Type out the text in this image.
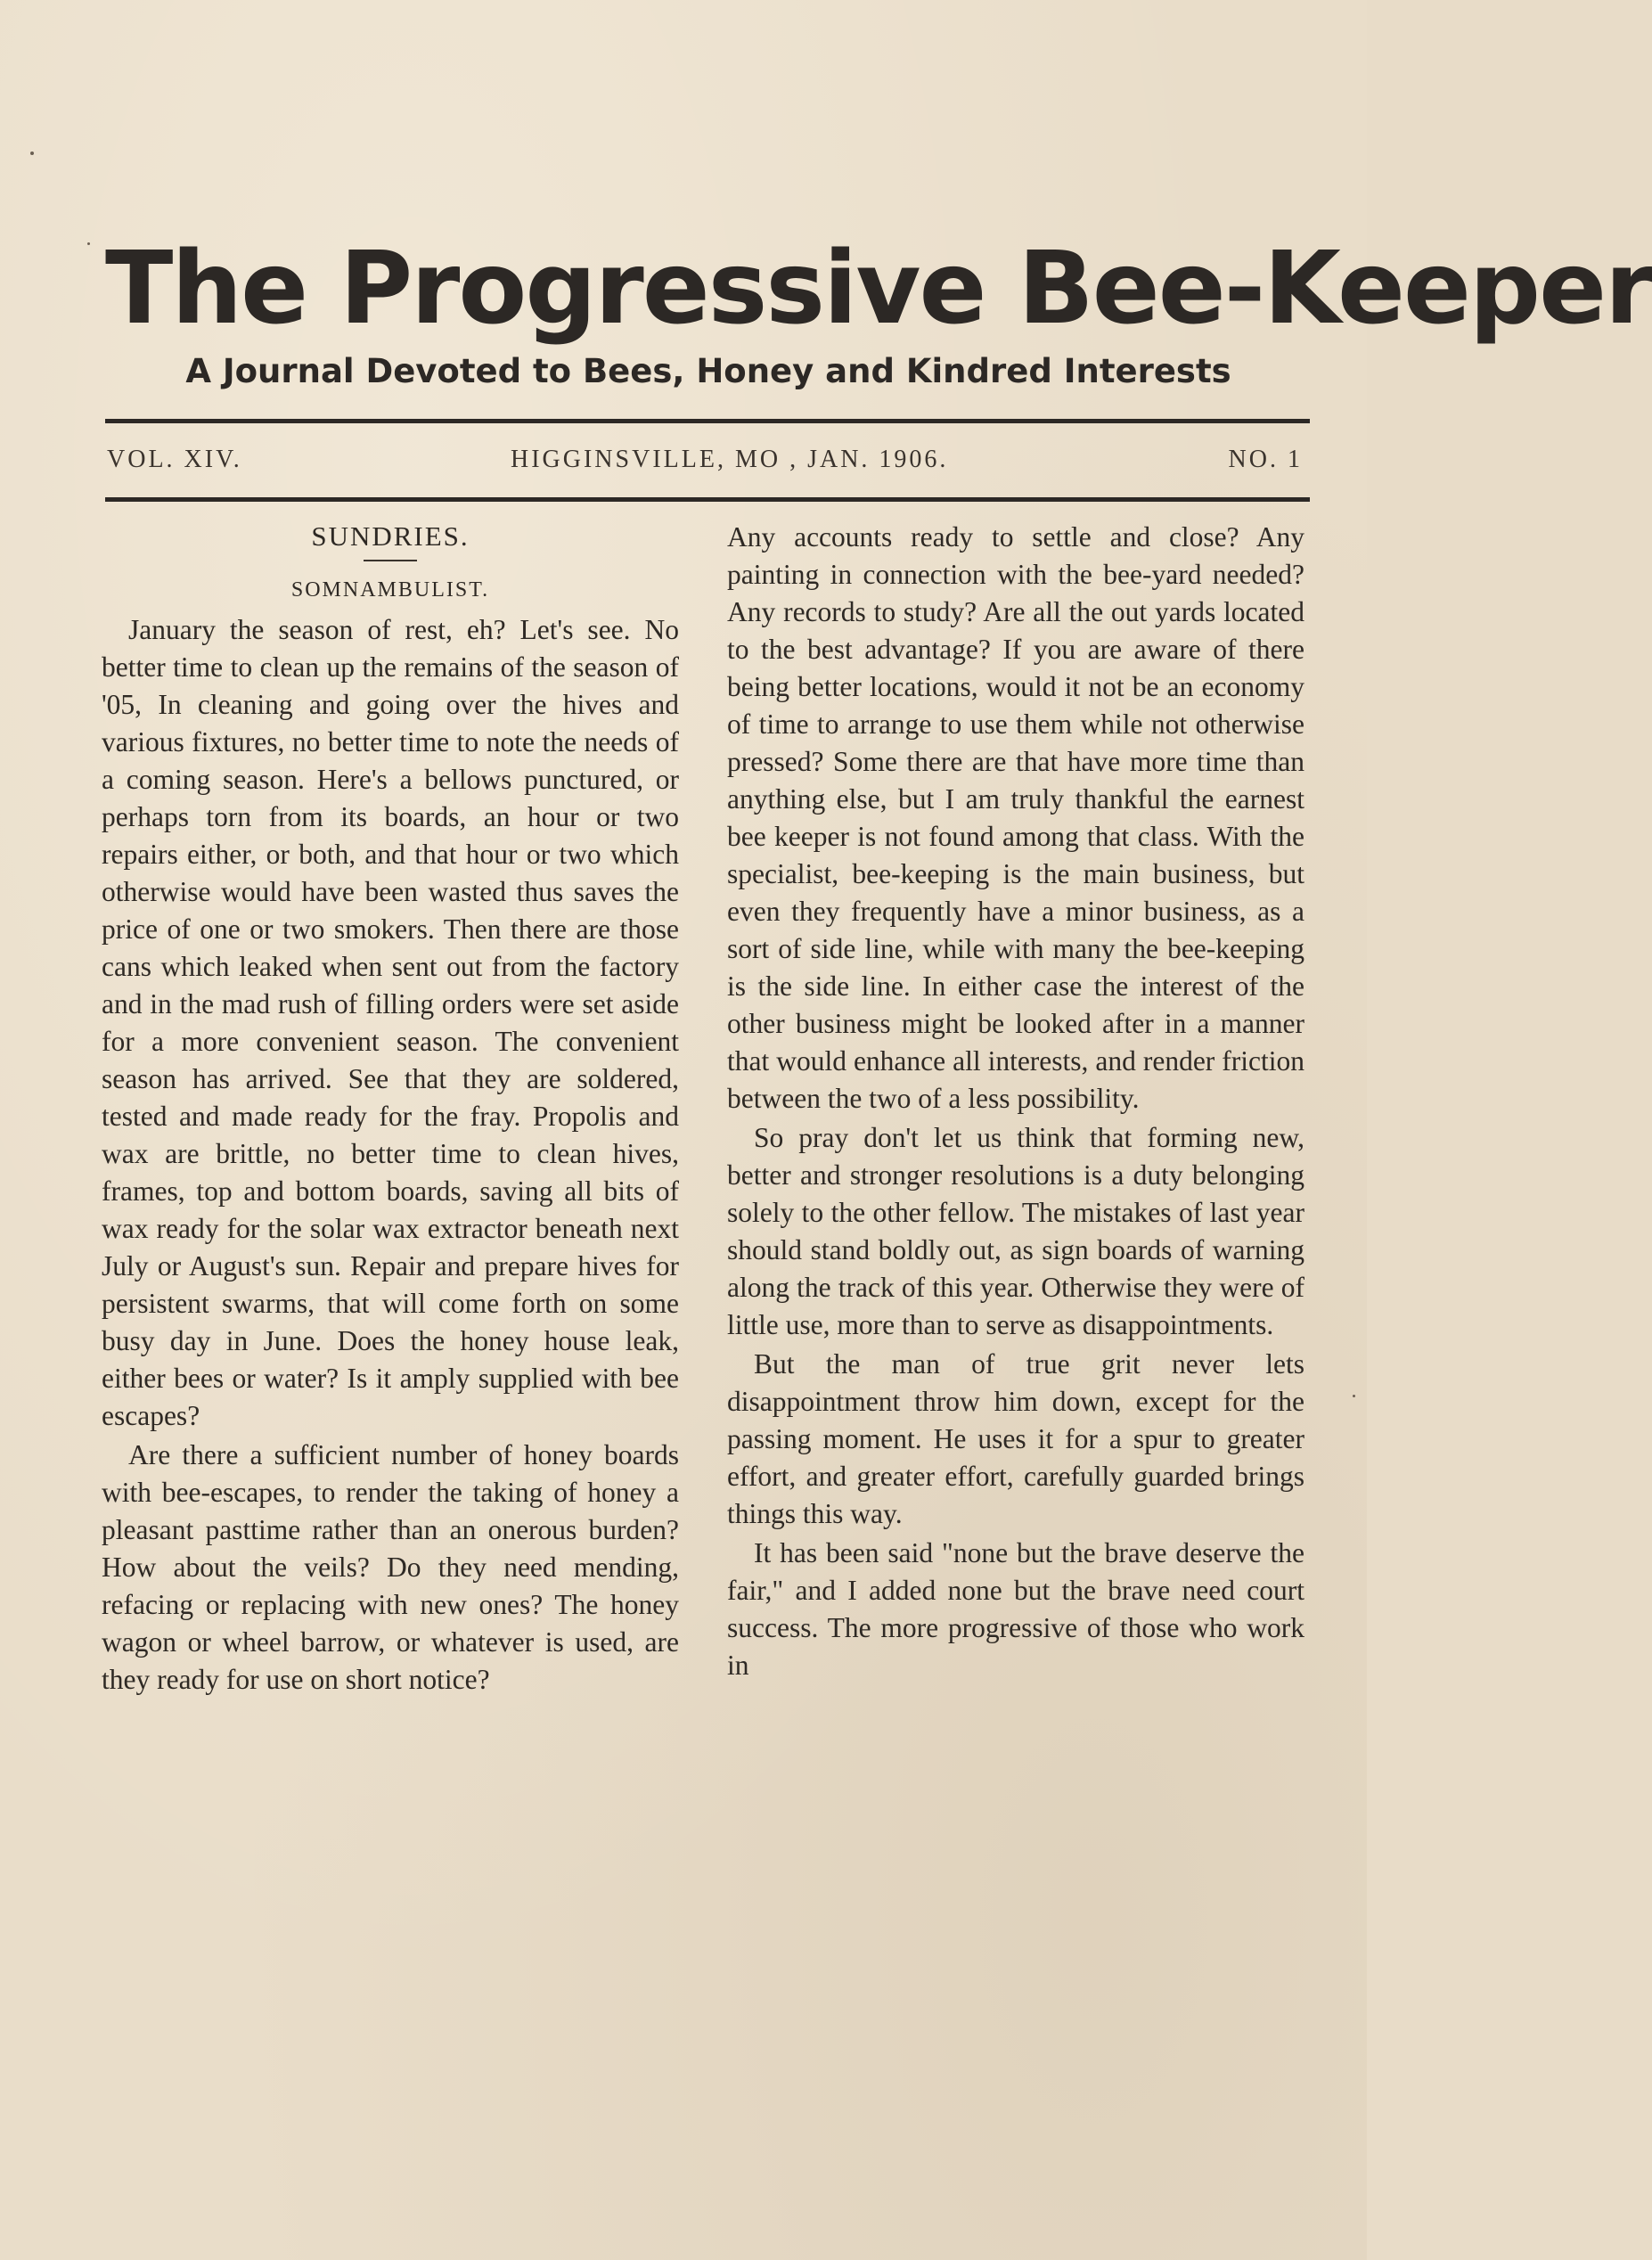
The Progressive Bee-Keeper
A Journal Devoted to Bees, Honey and Kindred Interests
VOL. XIV.	HIGGINSVILLE, MO , JAN. 1906.	NO. 1
SUNDRIES.
SOMNAMBULIST.

January the season of rest, eh? Let's see. No better time to clean up the remains of the season of '05, In cleaning and going over the hives and various fixtures, no better time to note the needs of a coming season. Here's a bellows punctured, or perhaps torn from its boards, an hour or two repairs either, or both, and that hour or two which otherwise would have been wasted thus saves the price of one or two smokers. Then there are those cans which leaked when sent out from the factory and in the mad rush of filling orders were set aside for a more convenient season. The convenient season has arrived. See that they are soldered, tested and made ready for the fray. Propolis and wax are brittle, no better time to clean hives, frames, top and bottom boards, saving all bits of wax ready for the solar wax extractor beneath next July or August's sun. Repair and prepare hives for persistent swarms, that will come forth on some busy day in June. Does the honey house leak, either bees or water? Is it amply supplied with bee escapes?

Are there a sufficient number of honey boards with bee-escapes, to render the taking of honey a pleasant pasttime rather than an onerous burden? How about the veils? Do they need mending, refacing or replacing with new ones? The honey wagon or wheel barrow, or whatever is used, are they ready for use on short notice?

Any accounts ready to settle and close? Any painting in connection with the bee-yard needed? Any records to study? Are all the out yards located to the best advantage? If you are aware of there being better locations, would it not be an economy of time to arrange to use them while not otherwise pressed? Some there are that have more time than anything else, but I am truly thankful the earnest bee keeper is not found among that class. With the specialist, bee-keeping is the main business, but even they frequently have a minor business, as a sort of side line, while with many the bee-keeping is the side line. In either case the interest of the other business might be looked after in a manner that would enhance all interests, and render friction between the two of a less possibility.

So pray don't let us think that forming new, better and stronger resolutions is a duty belonging solely to the other fellow. The mistakes of last year should stand boldly out, as sign boards of warning along the track of this year. Otherwise they were of little use, more than to serve as disappointments.

But the man of true grit never lets disappointment throw him down, except for the passing moment. He uses it for a spur to greater effort, and greater effort, carefully guarded brings things this way.

It has been said "none but the brave deserve the fair," and I added none but the brave need court success. The more progressive of those who work in
